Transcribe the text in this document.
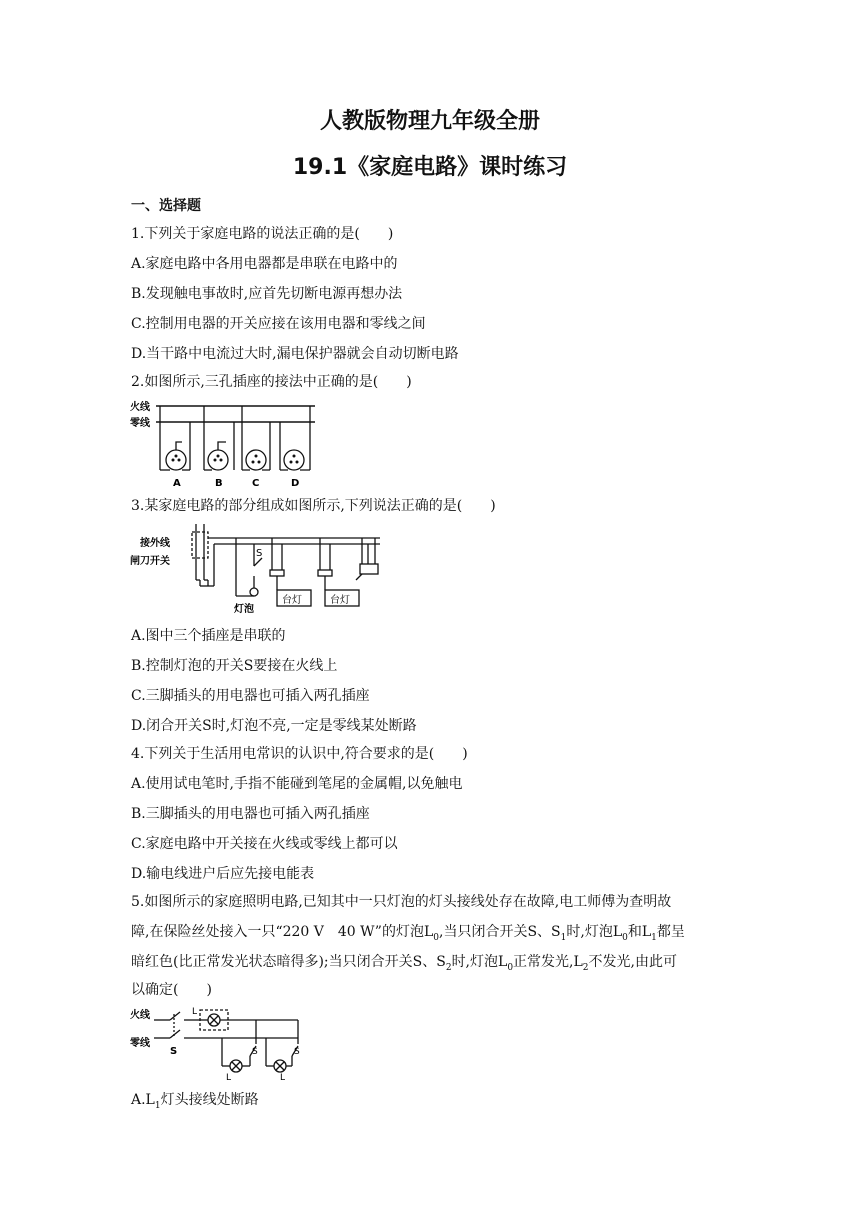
人教版物理九年级全册
19.1《家庭电路》课时练习
一、选择题
1.下列关于家庭电路的说法正确的是(　　)
A.家庭电路中各用电器都是串联在电路中的
B.发现触电事故时,应首先切断电源再想办法
C.控制用电器的开关应接在该用电器和零线之间
D.当干路中电流过大时,漏电保护器就会自动切断电路
2.如图所示,三孔插座的接法中正确的是(　　)
火线
零线
A	B	C	D
3.某家庭电路的部分组成如图所示,下列说法正确的是(　　)
接外线
闸刀开关
S
灯泡
台灯	台灯
A.图中三个插座是串联的
B.控制灯泡的开关S要接在火线上
C.三脚插头的用电器也可插入两孔插座
D.闭合开关S时,灯泡不亮,一定是零线某处断路
4.下列关于生活用电常识的认识中,符合要求的是(　　)
A.使用试电笔时,手指不能碰到笔尾的金属帽,以免触电
B.三脚插头的用电器也可插入两孔插座
C.家庭电路中开关接在火线或零线上都可以
D.输电线进户后应先接电能表
5.如图所示的家庭照明电路,已知其中一只灯泡的灯头接线处存在故障,电工师傅为查明故
障,在保险丝处接入一只“220 V　40 W”的灯泡$L_0$,当只闭合开关S、$S_1$时,灯泡$L_0$和$L_1$都呈
暗红色(比正常发光状态暗得多);当只闭合开关S、$S_2$时,灯泡$L_0$正常发光$,L_2$不发光,由此可
以确定(　　)
火线
零线
S
L
S	S
L	L
$A.L_1$灯头接线处断路
